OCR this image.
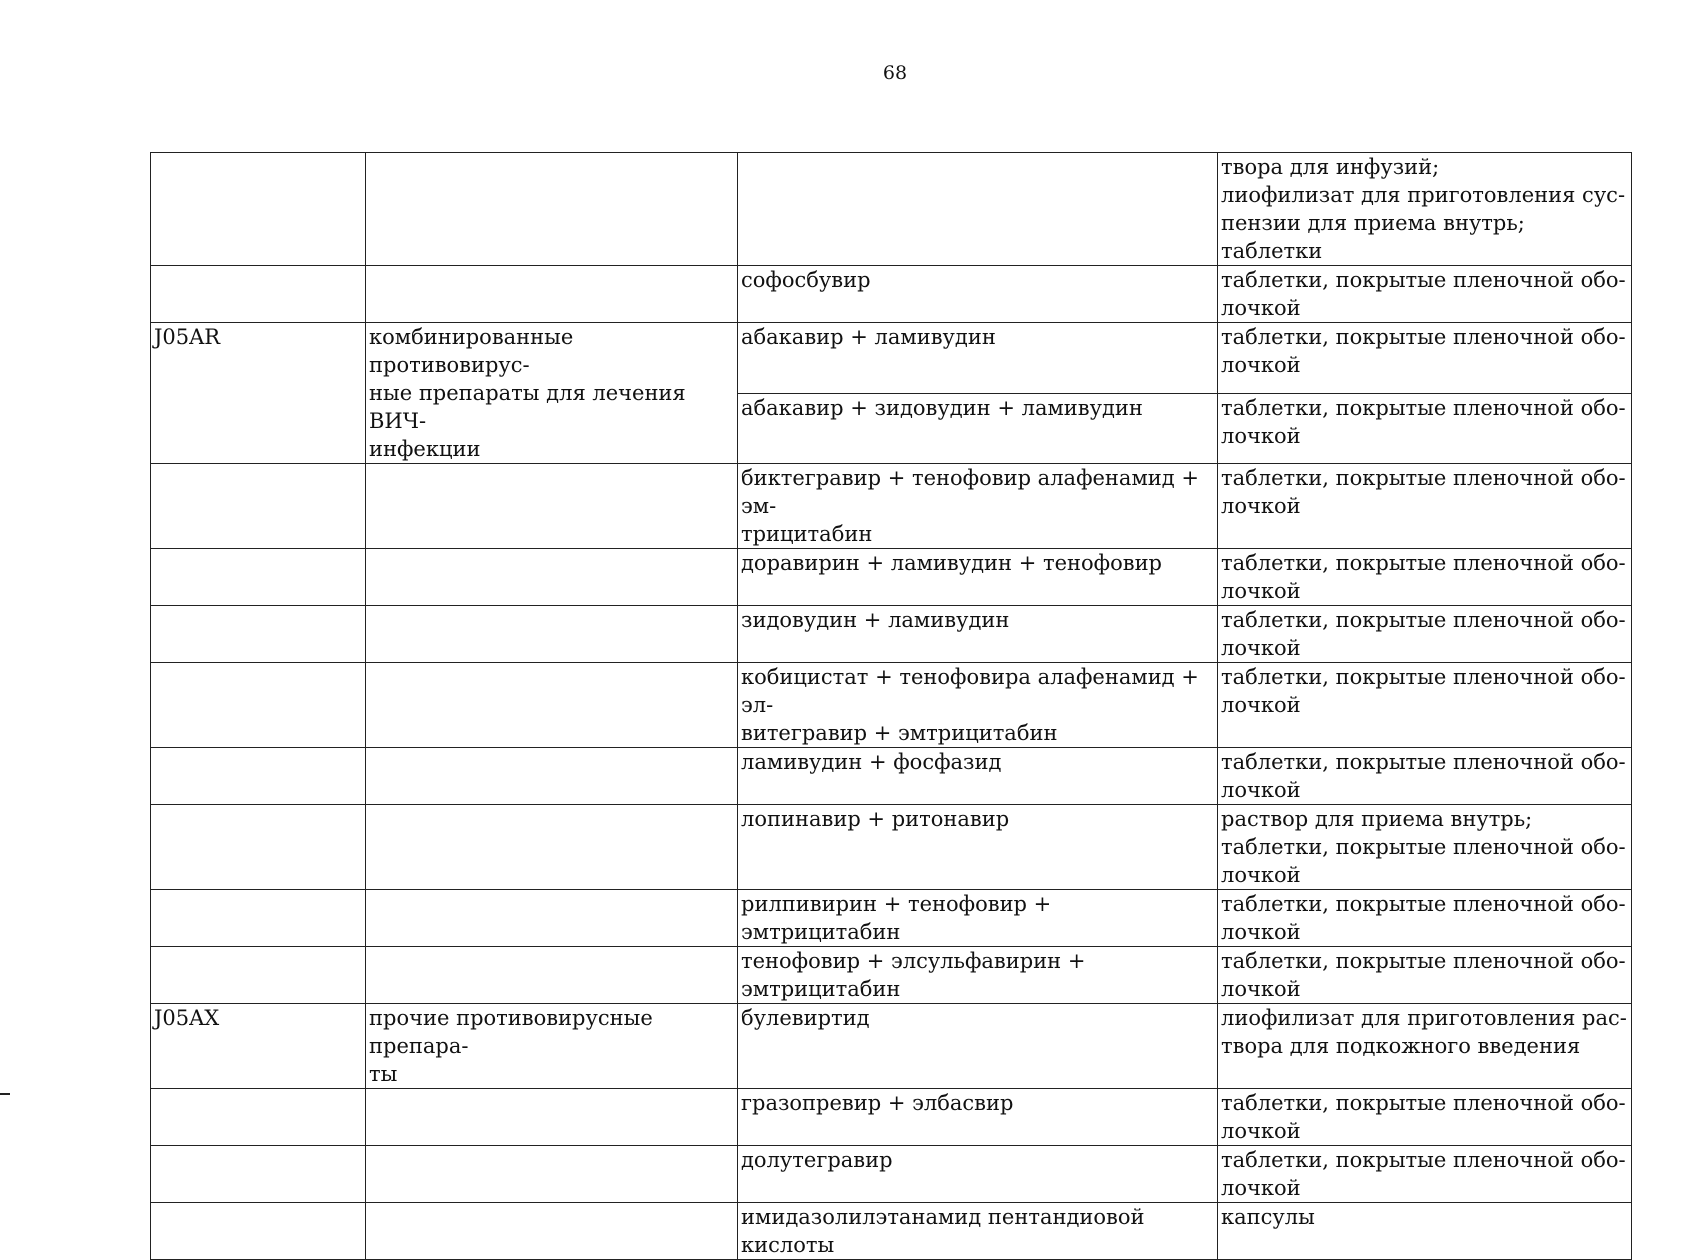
68
			твора для инфузий;
лиофилизат для приготовления сус-
пензии для приема внутрь;
таблетки
		софосбувир	таблетки, покрытые пленочной обо-
лочкой
J05AR	комбинированные противовирус-
ные препараты для лечения ВИЧ-
инфекции	абакавир + ламивудин	таблетки, покрытые пленочной обо-
лочкой
		абакавир + зидовудин + ламивудин	таблетки, покрытые пленочной обо-
лочкой
		биктегравир + тенофовир алафенамид + эм-
трицитабин	таблетки, покрытые пленочной обо-
лочкой
		доравирин + ламивудин + тенофовир	таблетки, покрытые пленочной обо-
лочкой
		зидовудин + ламивудин	таблетки, покрытые пленочной обо-
лочкой
		кобицистат + тенофовира алафенамид + эл-
витегравир + эмтрицитабин	таблетки, покрытые пленочной обо-
лочкой
		ламивудин + фосфазид	таблетки, покрытые пленочной обо-
лочкой
		лопинавир + ритонавир	раствор для приема внутрь;
таблетки, покрытые пленочной обо-
лочкой
		рилпивирин + тенофовир + эмтрицитабин	таблетки, покрытые пленочной обо-
лочкой
		тенофовир + элсульфавирин + эмтрицитабин	таблетки, покрытые пленочной обо-
лочкой
J05AX	прочие противовирусные препара-
ты	булевиртид	лиофилизат для приготовления рас-
твора для подкожного введения
		гразопревир + элбасвир	таблетки, покрытые пленочной обо-
лочкой
		долутегравир	таблетки, покрытые пленочной обо-
лочкой
		имидазолилэтанамид пентандиовой кислоты	капсулы
